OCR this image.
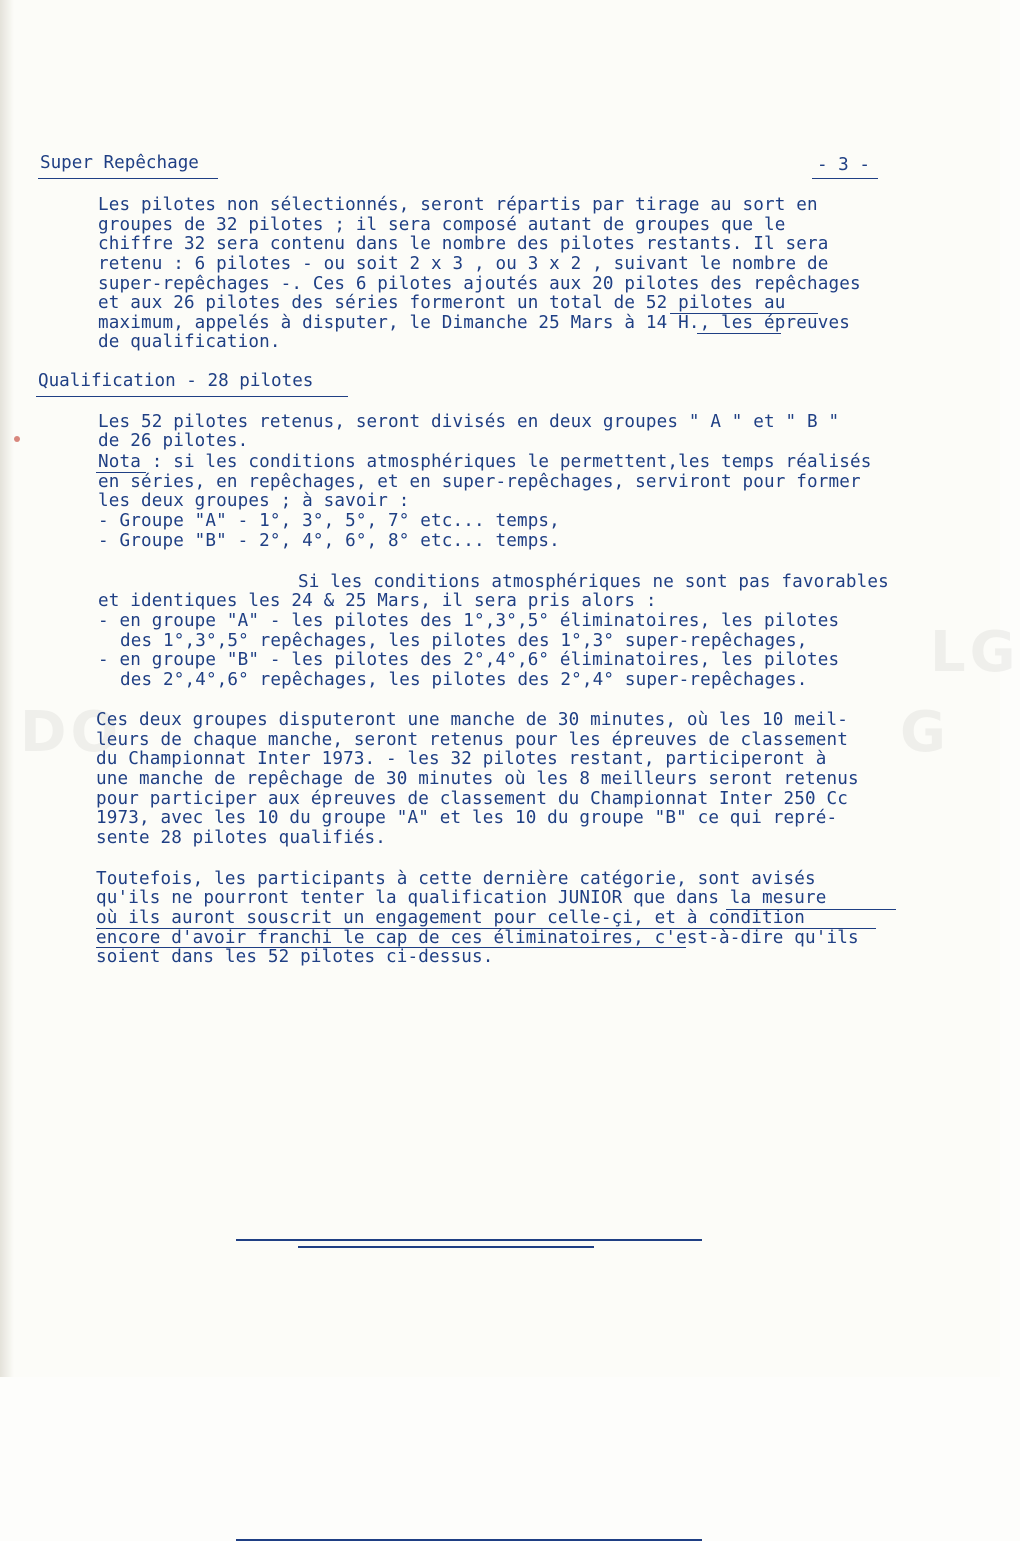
DO	G
LG
- 3 -
Super Repêchage
Les pilotes non sélectionnés, seront répartis par tirage au sort en
groupes de 32 pilotes ; il sera composé autant de groupes que le
chiffre 32 sera contenu dans le nombre des pilotes restants. Il sera
retenu : 6 pilotes - ou soit 2 x 3 , ou 3 x 2 , suivant le nombre de
super-repêchages -. Ces 6 pilotes ajoutés aux 20 pilotes des repêchages
et aux 26 pilotes des séries formeront un total de 52 pilotes au
maximum, appelés à disputer, le Dimanche 25 Mars à 14 H., les épreuves
de qualification.
Qualification - 28 pilotes
Les 52 pilotes retenus, seront divisés en deux groupes " A " et " B "
de 26 pilotes.
Nota : si les conditions atmosphériques le permettent,les temps réalisés
en séries, en repêchages, et en super-repêchages, serviront pour former
les deux groupes ; à savoir :
- Groupe "A" - 1°, 3°, 5°, 7° etc... temps,
- Groupe "B" - 2°, 4°, 6°, 8° etc... temps.
Si les conditions atmosphériques ne sont pas favorables
et identiques les 24 & 25 Mars, il sera pris alors :
- en groupe "A" - les pilotes des 1°,3°,5° éliminatoires, les pilotes
des 1°,3°,5° repêchages, les pilotes des 1°,3° super-repêchages,
- en groupe "B" - les pilotes des 2°,4°,6° éliminatoires, les pilotes
des 2°,4°,6° repêchages, les pilotes des 2°,4° super-repêchages.
Ces deux groupes disputeront une manche de 30 minutes, où les 10 meil-
leurs de chaque manche, seront retenus pour les épreuves de classement
du Championnat Inter 1973. - les 32 pilotes restant, participeront à
une manche de repêchage de 30 minutes où les 8 meilleurs seront retenus
pour participer aux épreuves de classement du Championnat Inter 250 Cc
1973, avec les 10 du groupe "A" et les 10 du groupe "B" ce qui repré-
sente 28 pilotes qualifiés.
Toutefois, les participants à cette dernière catégorie, sont avisés
qu'ils ne pourront tenter la qualification JUNIOR que dans la mesure
où ils auront souscrit un engagement pour celle-çi, et à condition
encore d'avoir franchi le cap de ces éliminatoires, c'est-à-dire qu'ils
soient dans les 52 pilotes ci-dessus.
